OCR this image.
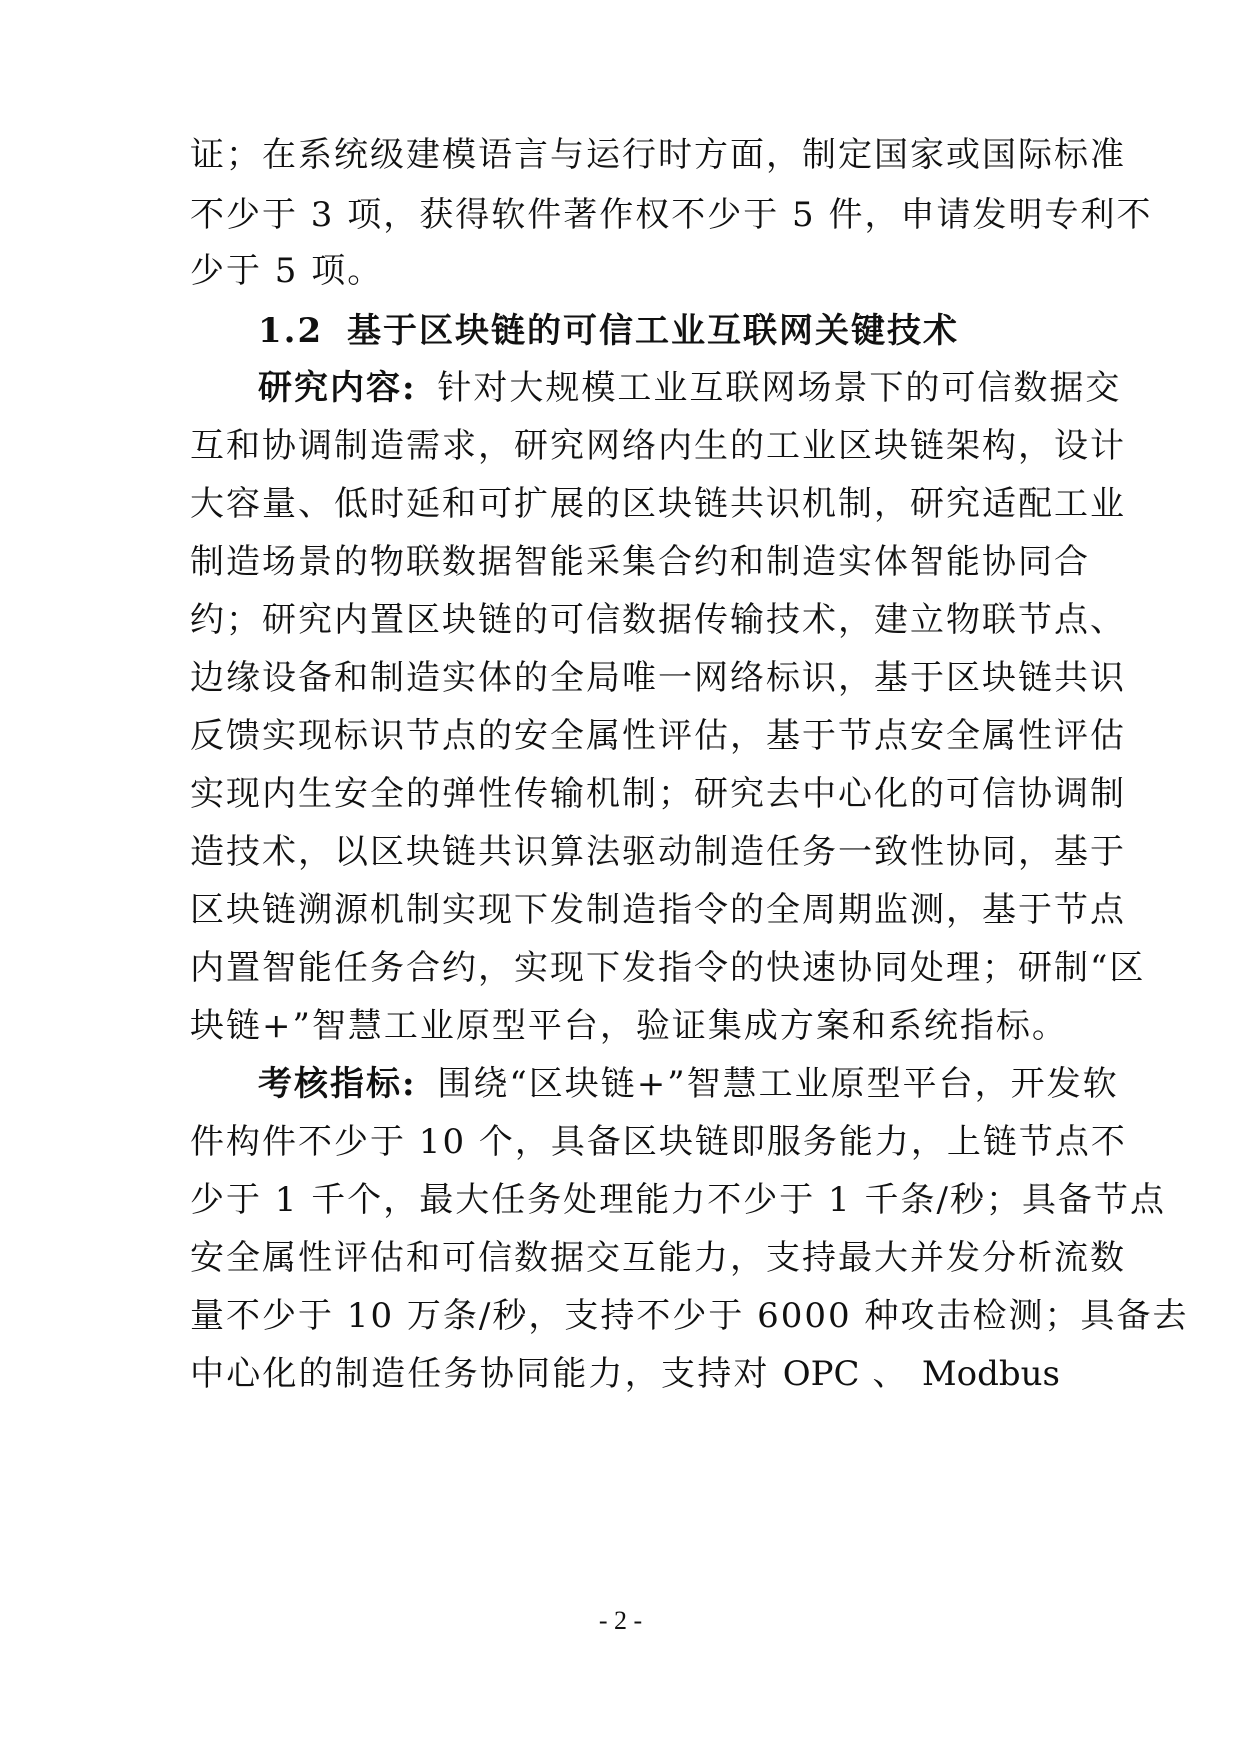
证；在系统级建模语言与运行时方面，制定国家或国际标准
不少于 3 项，获得软件著作权不少于 5 件，申请发明专利不
少于 5 项。
1.2 基于区块链的可信工业互联网关键技术
研究内容: 针对大规模工业互联网场景下的可信数据交
互和协调制造需求，研究网络内生的工业区块链架构，设计
大容量、低时延和可扩展的区块链共识机制，研究适配工业
制造场景的物联数据智能采集合约和制造实体智能协同合
约；研究内置区块链的可信数据传输技术，建立物联节点、
边缘设备和制造实体的全局唯一网络标识，基于区块链共识
反馈实现标识节点的安全属性评估，基于节点安全属性评估
实现内生安全的弹性传输机制；研究去中心化的可信协调制
造技术，以区块链共识算法驱动制造任务一致性协同，基于
区块链溯源机制实现下发制造指令的全周期监测，基于节点
内置智能任务合约，实现下发指令的快速协同处理；研制“区
块链+”智慧工业原型平台，验证集成方案和系统指标。
考核指标: 围绕“区块链+”智慧工业原型平台，开发软
件构件不少于 10 个，具备区块链即服务能力，上链节点不
少于 1 千个，最大任务处理能力不少于 1 千条/秒；具备节点
安全属性评估和可信数据交互能力，支持最大并发分析流数
量不少于 10 万条/秒，支持不少于 6000 种攻击检测；具备去
中心化的制造任务协同能力，支持对 OPC 、 Modbus
- 2 -
